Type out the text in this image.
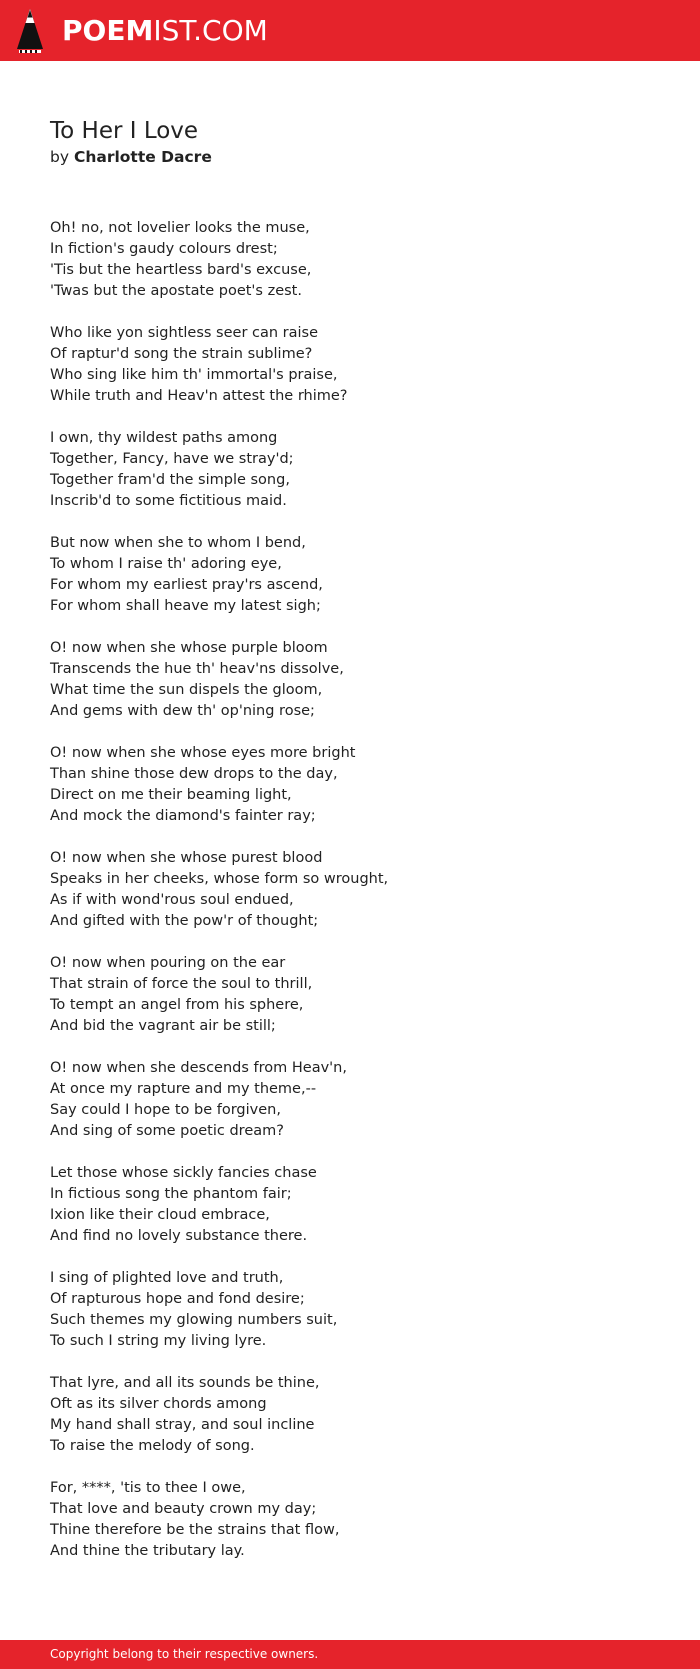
POEMIST.COM
To Her I Love
by Charlotte Dacre
Oh! no, not lovelier looks the muse,
In fiction's gaudy colours drest;
'Tis but the heartless bard's excuse,
'Twas but the apostate poet's zest.
Who like yon sightless seer can raise
Of raptur'd song the strain sublime?
Who sing like him th' immortal's praise,
While truth and Heav'n attest the rhime?
I own, thy wildest paths among
Together, Fancy, have we stray'd;
Together fram'd the simple song,
Inscrib'd to some fictitious maid.
But now when she to whom I bend,
To whom I raise th' adoring eye,
For whom my earliest pray'rs ascend,
For whom shall heave my latest sigh;
O! now when she whose purple bloom
Transcends the hue th' heav'ns dissolve,
What time the sun dispels the gloom,
And gems with dew th' op'ning rose;
O! now when she whose eyes more bright
Than shine those dew drops to the day,
Direct on me their beaming light,
And mock the diamond's fainter ray;
O! now when she whose purest blood
Speaks in her cheeks, whose form so wrought,
As if with wond'rous soul endued,
And gifted with the pow'r of thought;
O! now when pouring on the ear
That strain of force the soul to thrill,
To tempt an angel from his sphere,
And bid the vagrant air be still;
O! now when she descends from Heav'n,
At once my rapture and my theme,--
Say could I hope to be forgiven,
And sing of some poetic dream?
Let those whose sickly fancies chase
In fictious song the phantom fair;
Ixion like their cloud embrace,
And find no lovely substance there.
I sing of plighted love and truth,
Of rapturous hope and fond desire;
Such themes my glowing numbers suit,
To such I string my living lyre.
That lyre, and all its sounds be thine,
Oft as its silver chords among
My hand shall stray, and soul incline
To raise the melody of song.
For, ****, 'tis to thee I owe,
That love and beauty crown my day;
Thine therefore be the strains that flow,
And thine the tributary lay.
Copyright belong to their respective owners.
